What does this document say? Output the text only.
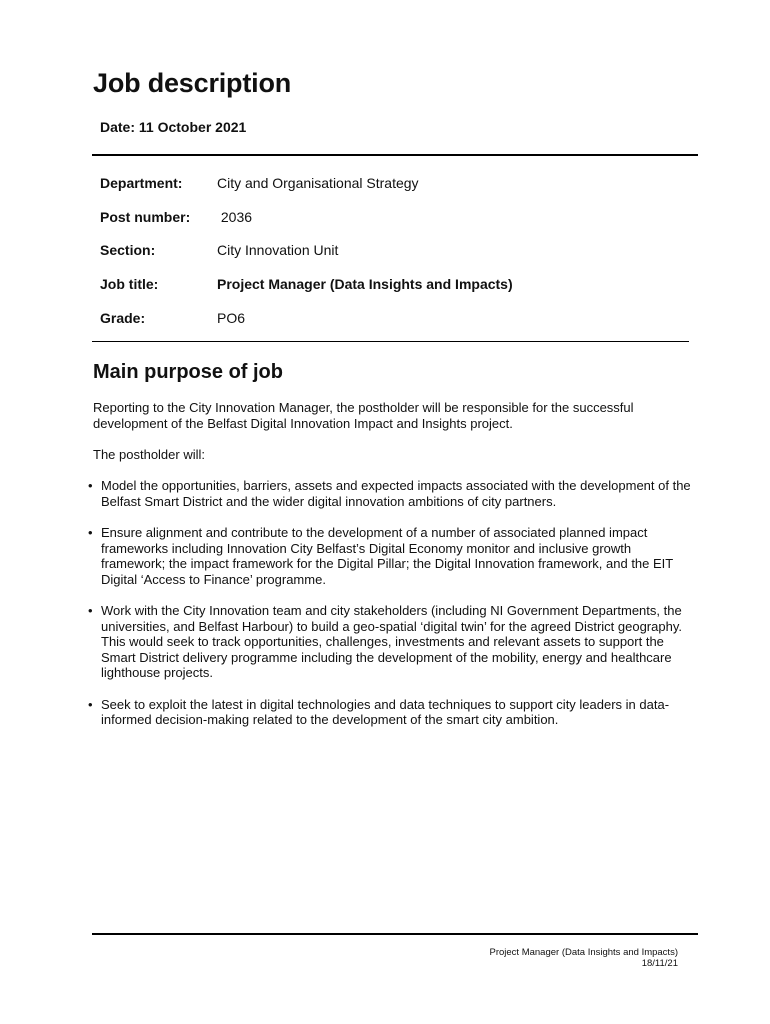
Job description
Date: 11 October 2021
Department:	City and Organisational Strategy
Post number:	2036
Section:	City Innovation Unit
Job title:	Project Manager (Data Insights and Impacts)
Grade:	PO6
Main purpose of job
Reporting to the City Innovation Manager, the postholder will be responsible for the successful development of the Belfast Digital Innovation Impact and Insights project.
The postholder will:
• Model the opportunities, barriers, assets and expected impacts associated with the development of the Belfast Smart District and the wider digital innovation ambitions of city partners.
• Ensure alignment and contribute to the development of a number of associated planned impact frameworks including Innovation City Belfast’s Digital Economy monitor and inclusive growth framework; the impact framework for the Digital Pillar; the Digital Innovation framework, and the EIT Digital ‘Access to Finance’ programme.
• Work with the City Innovation team and city stakeholders (including NI Government Departments, the universities, and Belfast Harbour) to build a geo-spatial ‘digital twin’ for the agreed District geography. This would seek to track opportunities, challenges, investments and relevant assets to support the Smart District delivery programme including the development of the mobility, energy and healthcare lighthouse projects.
• Seek to exploit the latest in digital technologies and data techniques to support city leaders in data-informed decision-making related to the development of the smart city ambition.
Project Manager (Data Insights and Impacts)
18/11/21
